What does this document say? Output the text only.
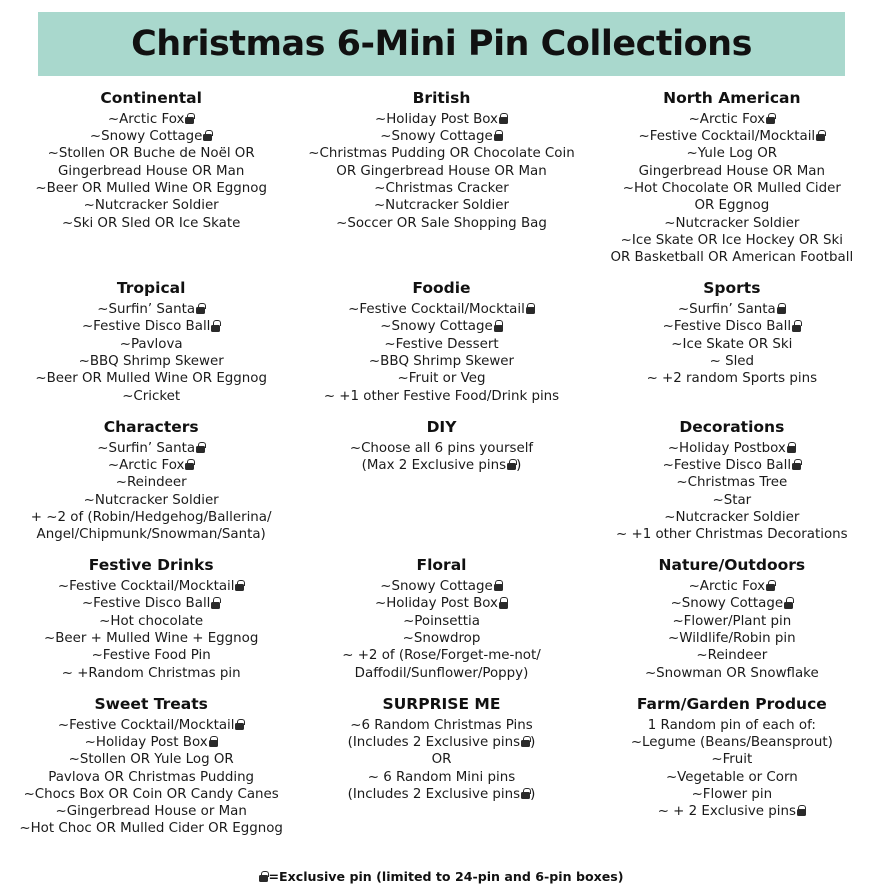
Christmas 6-Mini Pin Collections
Continental
~Arctic Fox
~Snowy Cottage
~Stollen OR Buche de Noël OR
Gingerbread House OR Man
~Beer OR Mulled Wine OR Eggnog
~Nutcracker Soldier
~Ski OR Sled OR Ice Skate
British
~Holiday Post Box
~Snowy Cottage
~Christmas Pudding OR Chocolate Coin
OR Gingerbread House OR Man
~Christmas Cracker
~Nutcracker Soldier
~Soccer OR Sale Shopping Bag
North American
~Arctic Fox
~Festive Cocktail/Mocktail
~Yule Log OR
Gingerbread House OR Man
~Hot Chocolate OR Mulled Cider
OR Eggnog
~Nutcracker Soldier
~Ice Skate OR Ice Hockey OR Ski
OR Basketball OR American Football
Tropical
~Surfin’ Santa
~Festive Disco Ball
~Pavlova
~BBQ Shrimp Skewer
~Beer OR Mulled Wine OR Eggnog
~Cricket
Foodie
~Festive Cocktail/Mocktail
~Snowy Cottage
~Festive Dessert
~BBQ Shrimp Skewer
~Fruit or Veg
~ +1 other Festive Food/Drink pins
Sports
~Surfin’ Santa
~Festive Disco Ball
~Ice Skate OR Ski
~ Sled
~ +2 random Sports pins
Characters
~Surfin’ Santa
~Arctic Fox
~Reindeer
~Nutcracker Soldier
+ ~2 of (Robin/Hedgehog/Ballerina/
Angel/Chipmunk/Snowman/Santa)
DIY
~Choose all 6 pins yourself
(Max 2 Exclusive pins )
Decorations
~Holiday Postbox
~Festive Disco Ball
~Christmas Tree
~Star
~Nutcracker Soldier
~ +1 other Christmas Decorations
Festive Drinks
~Festive Cocktail/Mocktail
~Festive Disco Ball
~Hot chocolate
~Beer + Mulled Wine + Eggnog
~Festive Food Pin
~ +Random Christmas pin
Floral
~Snowy Cottage
~Holiday Post Box
~Poinsettia
~Snowdrop
~ +2 of (Rose/Forget-me-not/
Daffodil/Sunflower/Poppy)
Nature/Outdoors
~Arctic Fox
~Snowy Cottage
~Flower/Plant pin
~Wildlife/Robin pin
~Reindeer
~Snowman OR Snowflake
Sweet Treats
~Festive Cocktail/Mocktail
~Holiday Post Box
~Stollen OR Yule Log OR
Pavlova OR Christmas Pudding
~Chocs Box OR Coin OR Candy Canes
~Gingerbread House or Man
~Hot Choc OR Mulled Cider OR Eggnog
SURPRISE ME
~6 Random Christmas Pins
(Includes 2 Exclusive pins )
OR
~ 6 Random Mini pins
(Includes 2 Exclusive pins )
Farm/Garden Produce
1 Random pin of each of:
~Legume (Beans/Beansprout)
~Fruit
~Vegetable or Corn
~Flower pin
~ + 2 Exclusive pins
=Exclusive pin (limited to 24-pin and 6-pin boxes)
